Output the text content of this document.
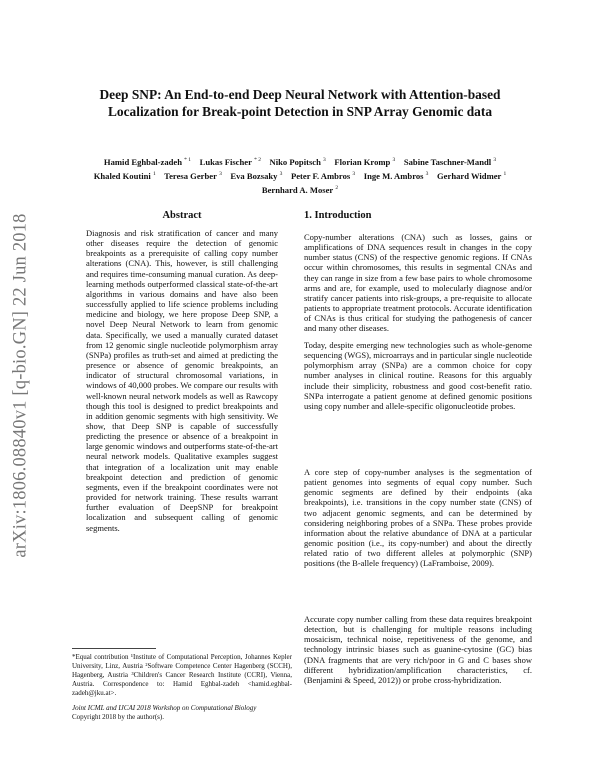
arXiv:1806.08840v1 [q-bio.GN] 22 Jun 2018
Deep SNP: An End-to-end Deep Neural Network with Attention-based
Localization for Break-point Detection in SNP Array Genomic data
Hamid Eghbal-zadeh $^{* 1}$ Lukas Fischer $^{* 2}$ Niko Popitsch $^3$ Florian Kromp $^3$ Sabine Taschner-Mandl $^3$
Khaled Koutini $^1$ Teresa Gerber $^3$ Eva Bozsaky $^3$ Peter F. Ambros $^3$ Inge M. Ambros $^3$ Gerhard Widmer $^1$
Bernhard A. Moser $^2$
Abstract

Diagnosis and risk stratification of cancer and many other diseases require the detection of genomic breakpoints as a prerequisite of calling copy number alterations (CNA). This, however, is still challenging and requires time-consuming manual curation. As deep-learning methods outperformed classical state-of-the-art algorithms in various domains and have also been successfully applied to life science problems including medicine and biology, we here propose Deep SNP, a novel Deep Neural Network to learn from genomic data. Specifically, we used a manually curated dataset from 12 genomic single nucleotide polymorphism array (SNPa) profiles as truth-set and aimed at predicting the presence or absence of genomic breakpoints, an indicator of structural chromosomal variations, in windows of 40,000 probes. We compare our results with well-known neural network models as well as Rawcopy though this tool is designed to predict breakpoints and in addition genomic segments with high sensitivity. We show, that Deep SNP is capable of successfully predicting the presence or absence of a breakpoint in large genomic windows and outperforms state-of-the-art neural network models. Qualitative examples suggest that integration of a localization unit may enable breakpoint detection and prediction of genomic segments, even if the breakpoint coordinates were not provided for network training. These results warrant further evaluation of DeepSNP for breakpoint localization and subsequent calling of genomic segments.

*Equal contribution ¹Institute of Computational Perception, Johannes Kepler University, Linz, Austria ²Software Competence Center Hagenberg (SCCH), Hagenberg, Austria ³Children's Cancer Research Institute (CCRI), Vienna, Austria. Correspondence to: Hamid Eghbal-zadeh <hamid.eghbal-zadeh@jku.at>.

Joint ICML and IJCAI 2018 Workshop on Computational Biology
Copyright 2018 by the author(s).
1. Introduction

Copy-number alterations (CNA) such as losses, gains or amplifications of DNA sequences result in changes in the copy number status (CNS) of the respective genomic regions. If CNAs occur within chromosomes, this results in segmental CNAs and they can range in size from a few base pairs to whole chromosome arms and are, for example, used to molecularly diagnose and/or stratify cancer patients into risk-groups, a pre-requisite to allocate patients to appropriate treatment protocols. Accurate identification of CNAs is thus critical for studying the pathogenesis of cancer and many other diseases.

Today, despite emerging new technologies such as whole-genome sequencing (WGS), microarrays and in particular single nucleotide polymorphism array (SNPa) are a common choice for copy number analyses in clinical routine. Reasons for this arguably include their simplicity, robustness and good cost-benefit ratio. SNPa interrogate a patient genome at defined genomic positions using copy number and allele-specific oligonucleotide probes.

A core step of copy-number analyses is the segmentation of patient genomes into segments of equal copy number. Such genomic segments are defined by their endpoints (aka breakpoints), i.e. transitions in the copy number state (CNS) of two adjacent genomic segments, and can be determined by considering neighboring probes of a SNPa. These probes provide information about the relative abundance of DNA at a particular genomic position (i.e., its copy-number) and about the directly related ratio of two different alleles at polymorphic (SNP) positions (the B-allele frequency) (LaFramboise, 2009).

Accurate copy number calling from these data requires breakpoint detection, but is challenging for multiple reasons including mosaicism, technical noise, repetitiveness of the genome, and technology intrinsic biases such as guanine-cytosine (GC) bias (DNA fragments that are very rich/poor in G and C bases show different hybridization/amplification characteristics, cf. (Benjamini & Speed, 2012)) or probe cross-hybridization.
